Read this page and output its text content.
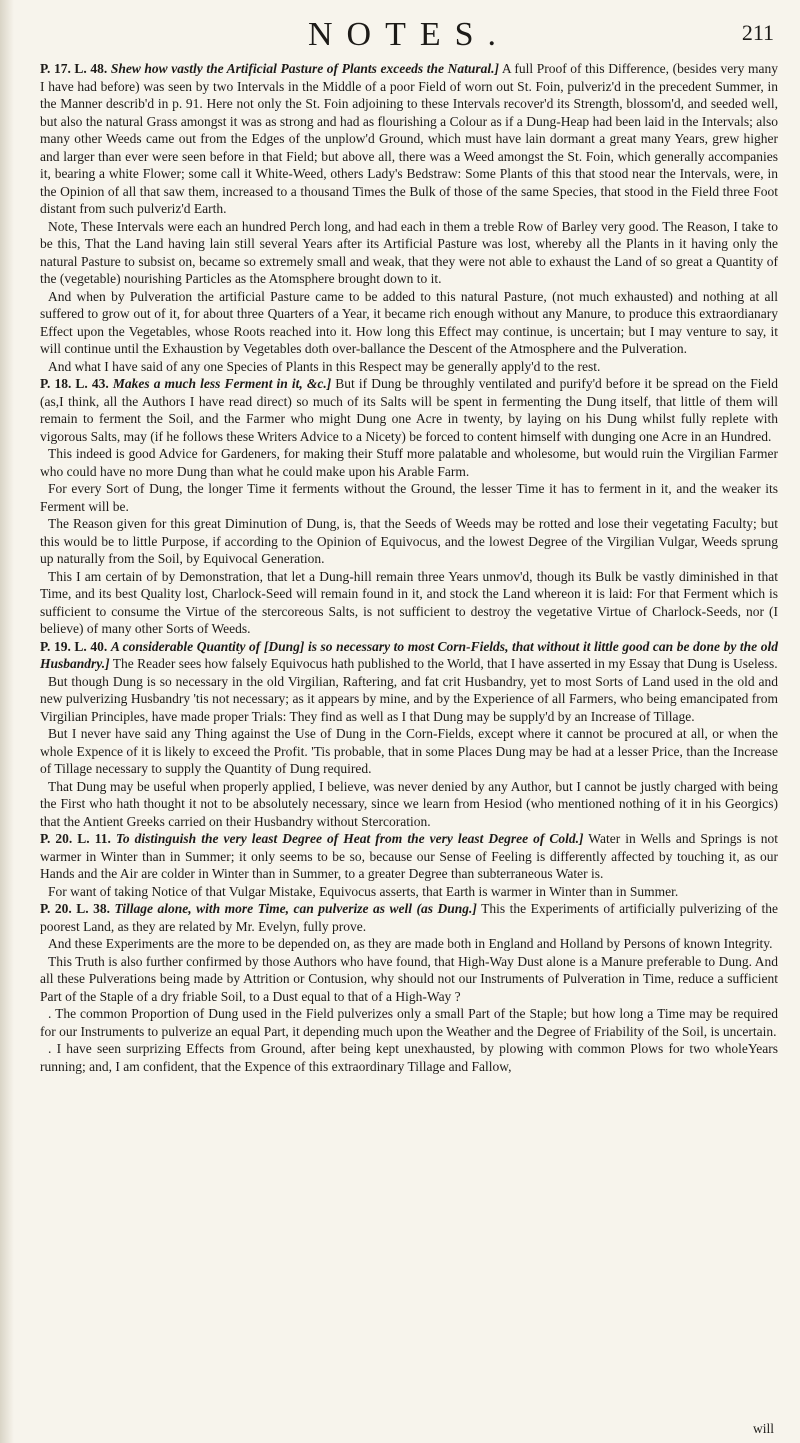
NOTES.	211

P. 17. L. 48. Shew how vastly the Artificial Pasture of Plants exceeds the Natural.] A full Proof of this Difference, (besides very many I have had before) was seen by two Intervals in the Middle of a poor Field of worn out St. Foin, pulveriz'd in the precedent Summer, in the Manner describ'd in p. 91. Here not only the St. Foin adjoining to these Intervals recover'd its Strength, blossom'd, and seeded well, but also the natural Grass amongst it was as strong and had as flourishing a Colour as if a Dung-Heap had been laid in the Intervals; also many other Weeds came out from the Edges of the unplow'd Ground, which must have lain dormant a great many Years, grew higher and larger than ever were seen before in that Field; but above all, there was a Weed amongst the St. Foin, which generally accompanies it, bearing a white Flower; some call it White-Weed, others Lady's Bedstraw: Some Plants of this that stood near the Intervals, were, in the Opinion of all that saw them, increased to a thousand Times the Bulk of those of the same Species, that stood in the Field three Foot distant from such pulveriz'd Earth.

Note, These Intervals were each an hundred Perch long, and had each in them a treble Row of Barley very good. The Reason, I take to be this, That the Land having lain still several Years after its Artificial Pasture was lost, whereby all the Plants in it having only the natural Pasture to subsist on, became so extremely small and weak, that they were not able to exhaust the Land of so great a Quantity of the (vegetable) nourishing Particles as the Atomsphere brought down to it.

And when by Pulveration the artificial Pasture came to be added to this natural Pasture, (not much exhausted) and nothing at all suffered to grow out of it, for about three Quarters of a Year, it became rich enough without any Manure, to produce this extraordianary Effect upon the Vegetables, whose Roots reached into it. How long this Effect may continue, is uncertain; but I may venture to say, it will continue until the Exhaustion by Vegetables doth over-ballance the Descent of the Atmosphere and the Pulveration.

And what I have said of any one Species of Plants in this Respect may be generally apply'd to the rest.

P. 18. L. 43. Makes a much less Ferment in it, &c.] But if Dung be throughly ventilated and purify'd before it be spread on the Field (as,I think, all the Authors I have read direct) so much of its Salts will be spent in fermenting the Dung itself, that little of them will remain to ferment the Soil, and the Farmer who might Dung one Acre in twenty, by laying on his Dung whilst fully replete with vigorous Salts, may (if he follows these Writers Advice to a Nicety) be forced to content himself with dunging one Acre in an Hundred.

This indeed is good Advice for Gardeners, for making their Stuff more palatable and wholesome, but would ruin the Virgilian Farmer who could have no more Dung than what he could make upon his Arable Farm.

For every Sort of Dung, the longer Time it ferments without the Ground, the lesser Time it has to ferment in it, and the weaker its Ferment will be.

The Reason given for this great Diminution of Dung, is, that the Seeds of Weeds may be rotted and lose their vegetating Faculty; but this would be to little Purpose, if according to the Opinion of Equivocus, and the lowest Degree of the Virgilian Vulgar, Weeds sprung up naturally from the Soil, by Equivocal Generation.

This I am certain of by Demonstration, that let a Dung-hill remain three Years unmov'd, though its Bulk be vastly diminished in that Time, and its best Quality lost, Charlock-Seed will remain found in it, and stock the Land whereon it is laid: For that Ferment which is sufficient to consume the Virtue of the stercoreous Salts, is not sufficient to destroy the vegetative Virtue of Charlock-Seeds, nor (I believe) of many other Sorts of Weeds.

P. 19. L. 40. A considerable Quantity of [Dung] is so necessary to most Corn-Fields, that without it little good can be done by the old Husbandry.] The Reader sees how falsely Equivocus hath published to the World, that I have asserted in my Essay that Dung is Useless.

But though Dung is so necessary in the old Virgilian, Raftering, and fat crit Husbandry, yet to most Sorts of Land used in the old and new pulverizing Husbandry 'tis not necessary; as it appears by mine, and by the Experience of all Farmers, who being emancipated from Virgilian Principles, have made proper Trials: They find as well as I that Dung may be supply'd by an Increase of Tillage.

But I never have said any Thing against the Use of Dung in the Corn-Fields, except where it cannot be procured at all, or when the whole Expence of it is likely to exceed the Profit. 'Tis probable, that in some Places Dung may be had at a lesser Price, than the Increase of Tillage necessary to supply the Quantity of Dung required.

That Dung may be useful when properly applied, I believe, was never denied by any Author, but I cannot be justly charged with being the First who hath thought it not to be absolutely necessary, since we learn from Hesiod (who mentioned nothing of it in his Georgics) that the Antient Greeks carried on their Husbandry without Stercoration.

P. 20. L. 11. To distinguish the very least Degree of Heat from the very least Degree of Cold.] Water in Wells and Springs is not warmer in Winter than in Summer; it only seems to be so, because our Sense of Feeling is differently affected by touching it, as our Hands and the Air are colder in Winter than in Summer, to a greater Degree than subterraneous Water is.

For want of taking Notice of that Vulgar Mistake, Equivocus asserts, that Earth is warmer in Winter than in Summer.

P. 20. L. 38. Tillage alone, with more Time, can pulverize as well (as Dung.] This the Experiments of artificially pulverizing of the poorest Land, as they are related by Mr. Evelyn, fully prove.

And these Experiments are the more to be depended on, as they are made both in England and Holland by Persons of known Integrity.

This Truth is also further confirmed by those Authors who have found, that High-Way Dust alone is a Manure preferable to Dung. And all these Pulverations being made by Attrition or Contusion, why should not our Instruments of Pulveration in Time, reduce a sufficient Part of the Staple of a dry friable Soil, to a Dust equal to that of a High-Way ?

. The common Proportion of Dung used in the Field pulverizes only a small Part of the Staple; but how long a Time may be required for our Instruments to pulverize an equal Part, it depending much upon the Weather and the Degree of Friability of the Soil, is uncertain.

. I have seen surprizing Effects from Ground, after being kept unexhausted, by plowing with common Plows for two wholeYears running; and, I am confident, that the Expence of this extraordinary Tillage and Fallow,

will
